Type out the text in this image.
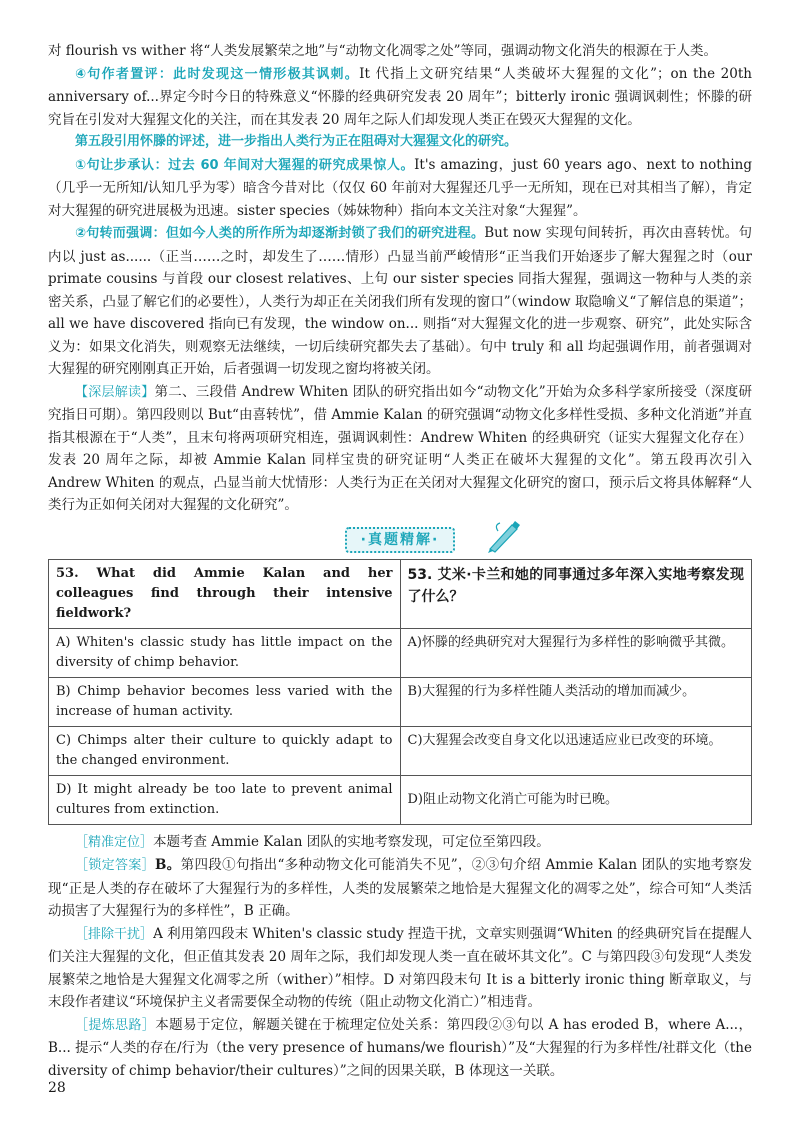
对 flourish vs wither 将“人类发展繁荣之地”与“动物文化凋零之处”等同，强调动物文化消失的根源在于人类。

④句作者置评：此时发现这一情形极其讽刺。It 代指上文研究结果“人类破坏大猩猩的文化”；on the 20th anniversary of...界定今时今日的特殊意义“怀滕的经典研究发表 20 周年”；bitterly ironic 强调讽刺性；怀滕的研究旨在引发对大猩猩文化的关注，而在其发表 20 周年之际人们却发现人类正在毁灭大猩猩的文化。

第五段引用怀滕的评述，进一步指出人类行为正在阻碍对大猩猩文化的研究。

①句让步承认：过去 60 年间对大猩猩的研究成果惊人。It's amazing，just 60 years ago、next to nothing（几乎一无所知/认知几乎为零）暗含今昔对比（仅仅 60 年前对大猩猩还几乎一无所知，现在已对其相当了解），肯定对大猩猩的研究进展极为迅速。sister species（姊妹物种）指向本文关注对象“大猩猩”。

②句转而强调：但如今人类的所作所为却逐渐封锁了我们的研究进程。But now 实现句间转折，再次由喜转忧。句内以 just as......（正当……之时，却发生了……情形）凸显当前严峻情形“正当我们开始逐步了解大猩猩之时（our primate cousins 与首段 our closest relatives、上句 our sister species 同指大猩猩，强调这一物种与人类的亲密关系，凸显了解它们的必要性），人类行为却正在关闭我们所有发现的窗口”（window 取隐喻义“了解信息的渠道”；all we have discovered 指向已有发现，the window on... 则指“对大猩猩文化的进一步观察、研究”，此处实际含义为：如果文化消失，则观察无法继续，一切后续研究都失去了基础）。句中 truly 和 all 均起强调作用，前者强调对大猩猩的研究刚刚真正开始，后者强调一切发现之窗均将被关闭。

【深层解读】第二、三段借 Andrew Whiten 团队的研究指出如今“动物文化”开始为众多科学家所接受（深度研究指日可期）。第四段则以 But“由喜转忧”，借 Ammie Kalan 的研究强调“动物文化多样性受损、多种文化消逝”并直指其根源在于“人类”，且末句将两项研究相连，强调讽刺性：Andrew Whiten 的经典研究（证实大猩猩文化存在）发表 20 周年之际，却被 Ammie Kalan 同样宝贵的研究证明“人类正在破坏大猩猩的文化”。第五段再次引入 Andrew Whiten 的观点，凸显当前大忧情形：人类行为正在关闭对大猩猩文化研究的窗口，预示后文将具体解释“人类行为正如何关闭对大猩猩的文化研究”。

·真题精解·
53. What did Ammie Kalan and her colleagues find through their intensive fieldwork?	53. 艾米·卡兰和她的同事通过多年深入实地考察发现了什么？
A) Whiten's classic study has little impact on the diversity of chimp behavior.	A)怀滕的经典研究对大猩猩行为多样性的影响微乎其微。
B) Chimp behavior becomes less varied with the increase of human activity.	B)大猩猩的行为多样性随人类活动的增加而减少。
C) Chimps alter their culture to quickly adapt to the changed environment.	C)大猩猩会改变自身文化以迅速适应业已改变的环境。
D) It might already be too late to prevent animal cultures from extinction.	D)阻止动物文化消亡可能为时已晚。

［精准定位］本题考查 Ammie Kalan 团队的实地考察发现，可定位至第四段。

［锁定答案］B。第四段①句指出“多种动物文化可能消失不见”，②③句介绍 Ammie Kalan 团队的实地考察发现“正是人类的存在破坏了大猩猩行为的多样性，人类的发展繁荣之地恰是大猩猩文化的凋零之处”，综合可知“人类活动损害了大猩猩行为的多样性”，B 正确。

［排除干扰］A 利用第四段末 Whiten's classic study 捏造干扰，文章实则强调“Whiten 的经典研究旨在提醒人们关注大猩猩的文化，但正值其发表 20 周年之际，我们却发现人类一直在破坏其文化”。C 与第四段③句发现“人类发展繁荣之地恰是大猩猩文化凋零之所（wither）”相悖。D 对第四段末句 It is a bitterly ironic thing 断章取义，与末段作者建议“环境保护主义者需要保全动物的传统（阻止动物文化消亡）”相违背。

［提炼思路］本题易于定位，解题关键在于梳理定位处关系：第四段②③句以 A has eroded B，where A...，B... 提示“人类的存在/行为（the very presence of humans/we flourish）”及“大猩猩的行为多样性/社群文化（the diversity of chimp behavior/their cultures）”之间的因果关联，B 体现这一关联。

28
